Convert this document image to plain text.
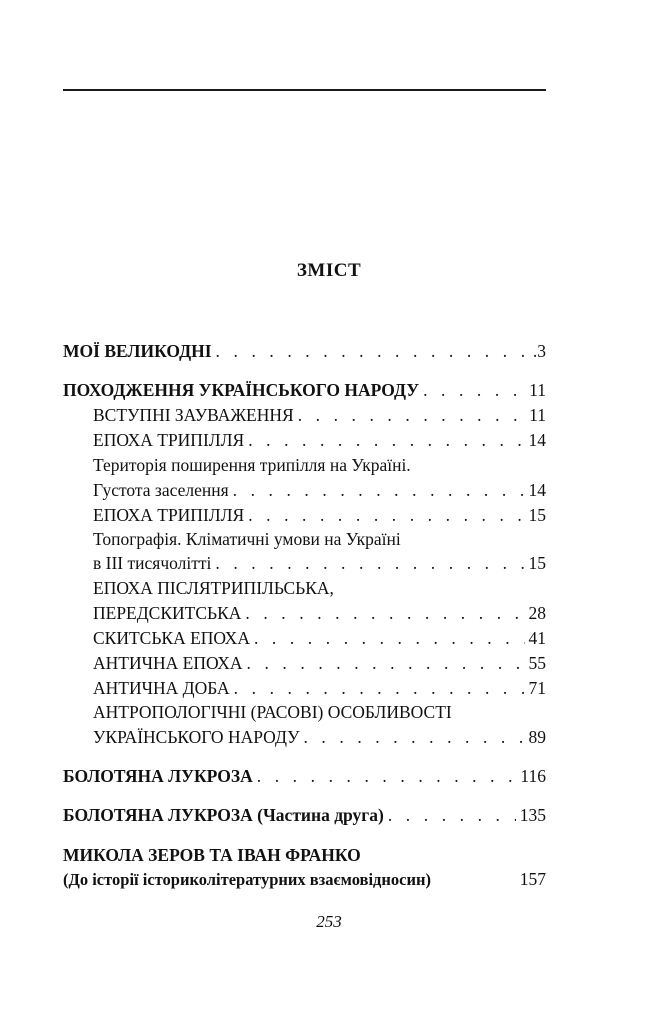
ЗМІСТ
МОЇ ВЕЛИКОДНІ . . .	.3
ПОХОДЖЕННЯ УКРАЇНСЬКОГО НАРОДУ . . .	11
ВСТУПНІ ЗАУВАЖЕННЯ . . .	11
ЕПОХА ТРИПІЛЛЯ . . .	14
Територія поширення трипілля на Україні.
Густота заселення . . .	14
ЕПОХА ТРИПІЛЛЯ . . .	15
Топографія. Кліматичні умови на Україні
в ІІІ тисячолітті . . .	15
ЕПОХА ПІСЛЯТРИПІЛЬСЬКА,
ПЕРЕДСКИТСЬКА . . .	28
СКИТСЬКА ЕПОХА . . .	41
АНТИЧНА ЕПОХА . . .	55
АНТИЧНА ДОБА . . .	71
АНТРОПОЛОГІЧНІ (РАСОВІ) ОСОБЛИВОСТІ
УКРАЇНСЬКОГО НАРОДУ . . .	89
БОЛОТЯНА ЛУКРОЗА . . .	116
БОЛОТЯНА ЛУКРОЗА (Частина друга) . . .	135
МИКОЛА ЗЕРОВ ТА ІВАН ФРАНКО
(До історії істориколітературних взаємовідносин)	157
253
